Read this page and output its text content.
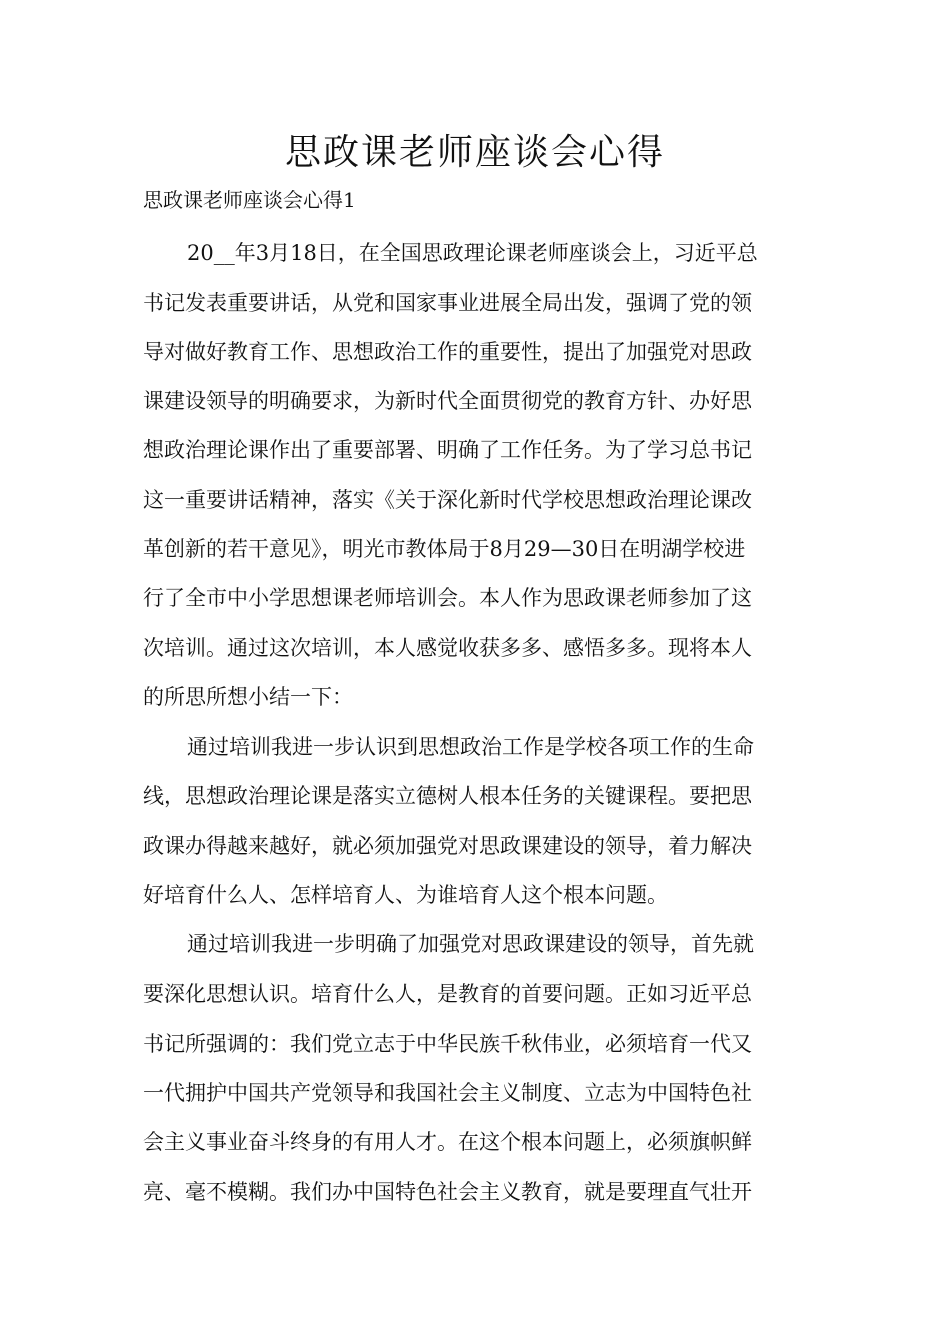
思政课老师座谈会心得
思政课老师座谈会心得1
20__年3月18日，在全国思政理论课老师座谈会上，习近平总
书记发表重要讲话，从党和国家事业进展全局出发，强调了党的领
导对做好教育工作、思想政治工作的重要性，提出了加强党对思政
课建设领导的明确要求，为新时代全面贯彻党的教育方针、办好思
想政治理论课作出了重要部署、明确了工作任务。为了学习总书记
这一重要讲话精神，落实《关于深化新时代学校思想政治理论课改
革创新的若干意见》，明光市教体局于8月29—30日在明湖学校进
行了全市中小学思想课老师培训会。本人作为思政课老师参加了这
次培训。通过这次培训，本人感觉收获多多、感悟多多。现将本人
的所思所想小结一下：
通过培训我进一步认识到思想政治工作是学校各项工作的生命
线，思想政治理论课是落实立德树人根本任务的关键课程。要把思
政课办得越来越好，就必须加强党对思政课建设的领导，着力解决
好培育什么人、怎样培育人、为谁培育人这个根本问题。
通过培训我进一步明确了加强党对思政课建设的领导，首先就
要深化思想认识。培育什么人，是教育的首要问题。正如习近平总
书记所强调的：我们党立志于中华民族千秋伟业，必须培育一代又
一代拥护中国共产党领导和我国社会主义制度、立志为中国特色社
会主义事业奋斗终身的有用人才。在这个根本问题上，必须旗帜鲜
亮、毫不模糊。我们办中国特色社会主义教育，就是要理直气壮开
